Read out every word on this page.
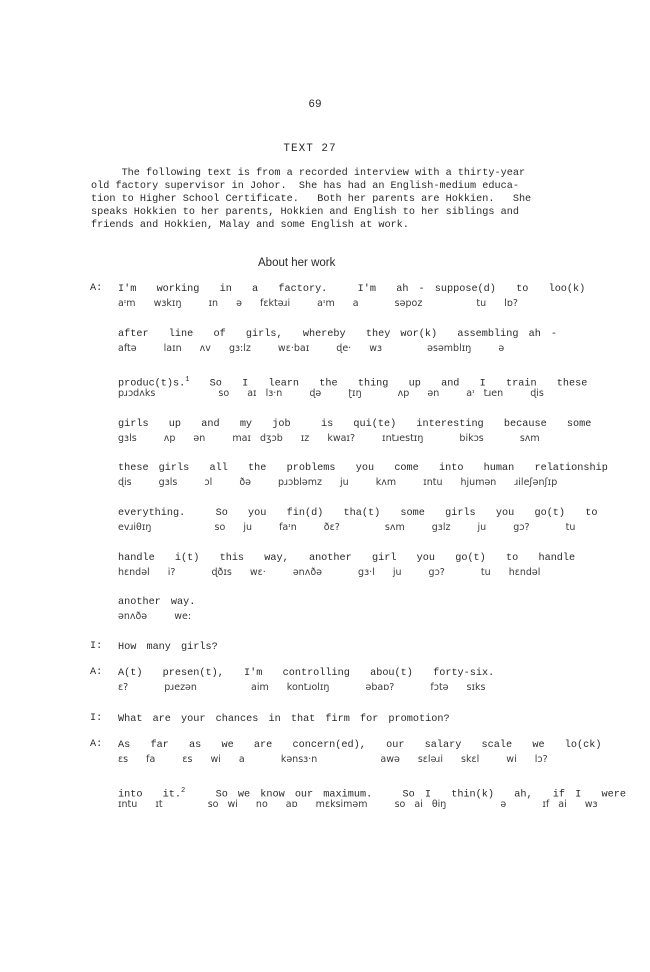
69
TEXT 27
The following text is from a recorded interview with a thirty-year
old factory supervisor in Johor.  She has had an English-medium educa-
tion to Higher School Certificate.   Both her parents are Hokkien.   She
speaks Hokkien to her parents, Hokkien and English to her siblings and
friends and Hokkien, Malay and some English at work.
About her work
A:	I'm  working  in  a  factory.   I'm  ah - suppose(d)  to  loo(k)
aᶦm  wɜkɪŋ   ɪn  ə  fɛktəɹi   aᶦm  a    səpoz      tu  lɒ?
after  line  of  girls,  whereby  they wor(k)  assembling ah -
aftə   laɪn  ʌv  gɜ:lz   wɛ·baɪ   ɖe·  wɜ     əsəmblɪŋ   ə
produc(t)s.$^1$  So  I  learn  the  thing  up  and  I  train  these
pɹɔdʌks       so  aɪ lɜ·n   ɖə   ʈɪŋ    ʌp  ən   aᶦ tɹen   ɖis
girls  up  and  my  job   is  qui(te)  interesting  because  some
gɜls   ʌp  ən   maɪ dʒɔb  ɪz  kwaɪ?   ɪntɹestɪŋ    bikɔs    sʌm
these girls  all  the  problems  you  come  into  human  relationship
ɖis   gɜls   ɔl   ðə   pɹɔbləmz  ju   kʌm   ɪntu  hjumən  ɹileʃənʃɪp
everything.   So  you  fin(d)  tha(t)  some  girls  you  go(t)  to
evɹiθɪŋ       so  ju   faᶦn   ðɛ?     sʌm   gɜlz   ju   gɔ?    tu
handle  i(t)  this  way,  another  girl  you  go(t)  to  handle
hɛndəl  i?    ɖðɪs  wɛ·   ənʌðə    gɜ·l  ju   gɔ?    tu  hɛndəl
another way.
ənʌðə   we:
I:	How many girls?
A:	A(t)  presen(t),  I'm  controlling  abou(t)  forty-six.
ɛ?    pɹezən      aim  kontɹolɪŋ    əbaɒ?    fɔtə  sɪks
I:	What are your chances in that firm for promotion?
A:	As  far  as  we  are  concern(ed),  our  salary  scale  we  lo(ck)
ɛs  fa   ɛs  wi  a    kənsɜ·n       awə  sɛləɹi  skɛl   wi  lɔ?
into  it.$^2$   So we know our maximum.   So I  thin(k)  ah,  if I  were
ɪntu  ɪt     so wi  no  aɒ  mɛksiməm   so ai θiŋ      ə    ɪf ai  wɜ
